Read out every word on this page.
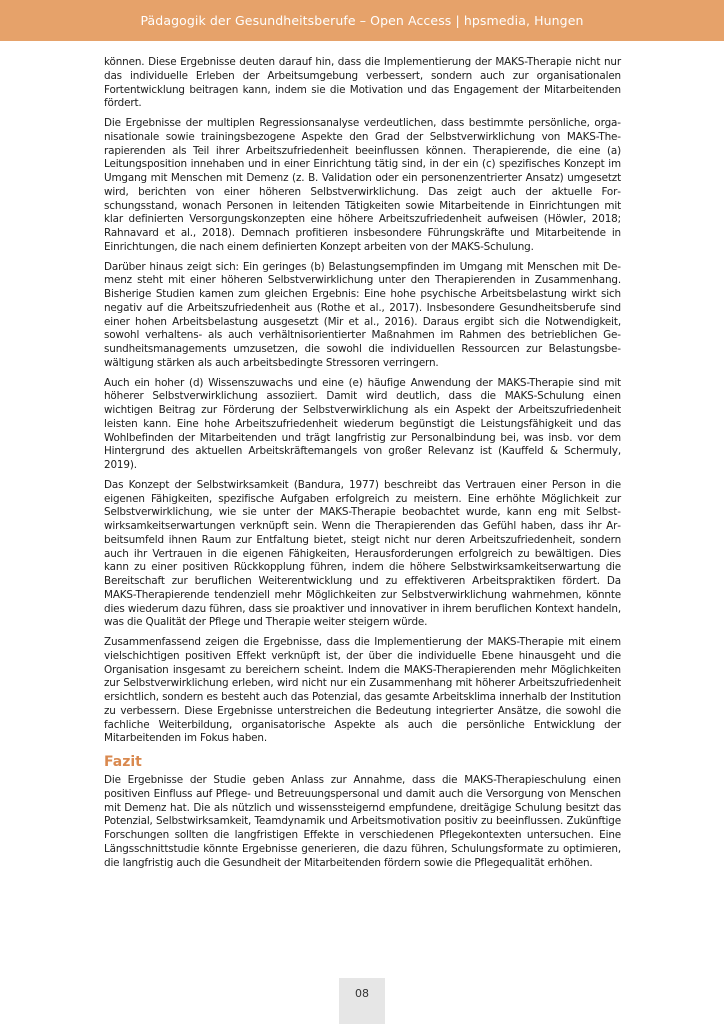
Pädagogik der Gesundheitsberufe – Open Access | hpsmedia, Hungen

können. Diese Ergebnisse deuten darauf hin, dass die Implementierung der MAKS-Therapie nicht nur das individuelle Erleben der Arbeitsumgebung verbessert, sondern auch zur organisationalen Fortentwicklung beitragen kann, indem sie die Motivation und das Engagement der Mitarbeitenden fördert.

Die Ergebnisse der multiplen Regressionsanalyse verdeutlichen, dass bestimmte persönliche, organisationale sowie trainingsbezogene Aspekte den Grad der Selbstverwirklichung von MAKS-Therapierenden als Teil ihrer Arbeitszufriedenheit beeinflussen können. Therapierende, die eine (a) Leitungsposition innehaben und in einer Einrichtung tätig sind, in der ein (c) spezifisches Konzept im Umgang mit Menschen mit Demenz (z. B. Validation oder ein personenzentrierter Ansatz) umgesetzt wird, berichten von einer höheren Selbstverwirklichung. Das zeigt auch der aktuelle Forschungsstand, wonach Personen in leitenden Tätigkeiten sowie Mitarbeitende in Einrichtungen mit klar definierten Versorgungskonzepten eine höhere Arbeitszufriedenheit aufweisen (Höwler, 2018; Rahnavard et al., 2018). Demnach profitieren insbesondere Führungskräfte und Mitarbeitende in Einrichtungen, die nach einem definierten Konzept arbeiten von der MAKS-Schulung.

Darüber hinaus zeigt sich: Ein geringes (b) Belastungsempfinden im Umgang mit Menschen mit Demenz steht mit einer höheren Selbstverwirklichung unter den Therapierenden in Zusammenhang. Bisherige Studien kamen zum gleichen Ergebnis: Eine hohe psychische Arbeitsbelastung wirkt sich negativ auf die Arbeitszufriedenheit aus (Rothe et al., 2017). Insbesondere Gesundheitsberufe sind einer hohen Arbeitsbelastung ausgesetzt (Mir et al., 2016). Daraus ergibt sich die Notwendigkeit, sowohl verhaltens- als auch verhältnisorientierter Maßnahmen im Rahmen des betrieblichen Gesundheitsmanagements umzusetzen, die sowohl die individuellen Ressourcen zur Belastungsbewältigung stärken als auch arbeitsbedingte Stressoren verringern.

Auch ein hoher (d) Wissenszuwachs und eine (e) häufige Anwendung der MAKS-Therapie sind mit höherer Selbstverwirklichung assoziiert. Damit wird deutlich, dass die MAKS-Schulung einen wichtigen Beitrag zur Förderung der Selbstverwirklichung als ein Aspekt der Arbeitszufriedenheit leisten kann. Eine hohe Arbeitszufriedenheit wiederum begünstigt die Leistungsfähigkeit und das Wohlbefinden der Mitarbeitenden und trägt langfristig zur Personalbindung bei, was insb. vor dem Hintergrund des aktuellen Arbeitskräftemangels von großer Relevanz ist (Kauffeld & Schermuly, 2019).

Das Konzept der Selbstwirksamkeit (Bandura, 1977) beschreibt das Vertrauen einer Person in die eigenen Fähigkeiten, spezifische Aufgaben erfolgreich zu meistern. Eine erhöhte Möglichkeit zur Selbstverwirklichung, wie sie unter der MAKS-Therapie beobachtet wurde, kann eng mit Selbstwirksamkeitserwartungen verknüpft sein. Wenn die Therapierenden das Gefühl haben, dass ihr Arbeitsumfeld ihnen Raum zur Entfaltung bietet, steigt nicht nur deren Arbeitszufriedenheit, sondern auch ihr Vertrauen in die eigenen Fähigkeiten, Herausforderungen erfolgreich zu bewältigen. Dies kann zu einer positiven Rückkopplung führen, indem die höhere Selbstwirksamkeitserwartung die Bereitschaft zur beruflichen Weiterentwicklung und zu effektiveren Arbeitspraktiken fördert. Da MAKS-Therapierende tendenziell mehr Möglichkeiten zur Selbstverwirklichung wahrnehmen, könnte dies wiederum dazu führen, dass sie proaktiver und innovativer in ihrem beruflichen Kontext handeln, was die Qualität der Pflege und Therapie weiter steigern würde.

Zusammenfassend zeigen die Ergebnisse, dass die Implementierung der MAKS-Therapie mit einem vielschichtigen positiven Effekt verknüpft ist, der über die individuelle Ebene hinausgeht und die Organisation insgesamt zu bereichern scheint. Indem die MAKS-Therapierenden mehr Möglichkeiten zur Selbstverwirklichung erleben, wird nicht nur ein Zusammenhang mit höherer Arbeitszufriedenheit ersichtlich, sondern es besteht auch das Potenzial, das gesamte Arbeitsklima innerhalb der Institution zu verbessern. Diese Ergebnisse unterstreichen die Bedeutung integrierter Ansätze, die sowohl die fachliche Weiterbildung, organisatorische Aspekte als auch die persönliche Entwicklung der Mitarbeitenden im Fokus haben.

Fazit

Die Ergebnisse der Studie geben Anlass zur Annahme, dass die MAKS-Therapieschulung einen positiven Einfluss auf Pflege- und Betreuungspersonal und damit auch die Versorgung von Menschen mit Demenz hat. Die als nützlich und wissenssteigernd empfundene, dreitägige Schulung besitzt das Potenzial, Selbstwirksamkeit, Teamdynamik und Arbeitsmotivation positiv zu beeinflussen. Zukünftige Forschungen sollten die langfristigen Effekte in verschiedenen Pflegekontexten untersuchen. Eine Längsschnittstudie könnte Ergebnisse generieren, die dazu führen, Schulungsformate zu optimieren, die langfristig auch die Gesundheit der Mitarbeitenden fördern sowie die Pflegequalität erhöhen.

08
